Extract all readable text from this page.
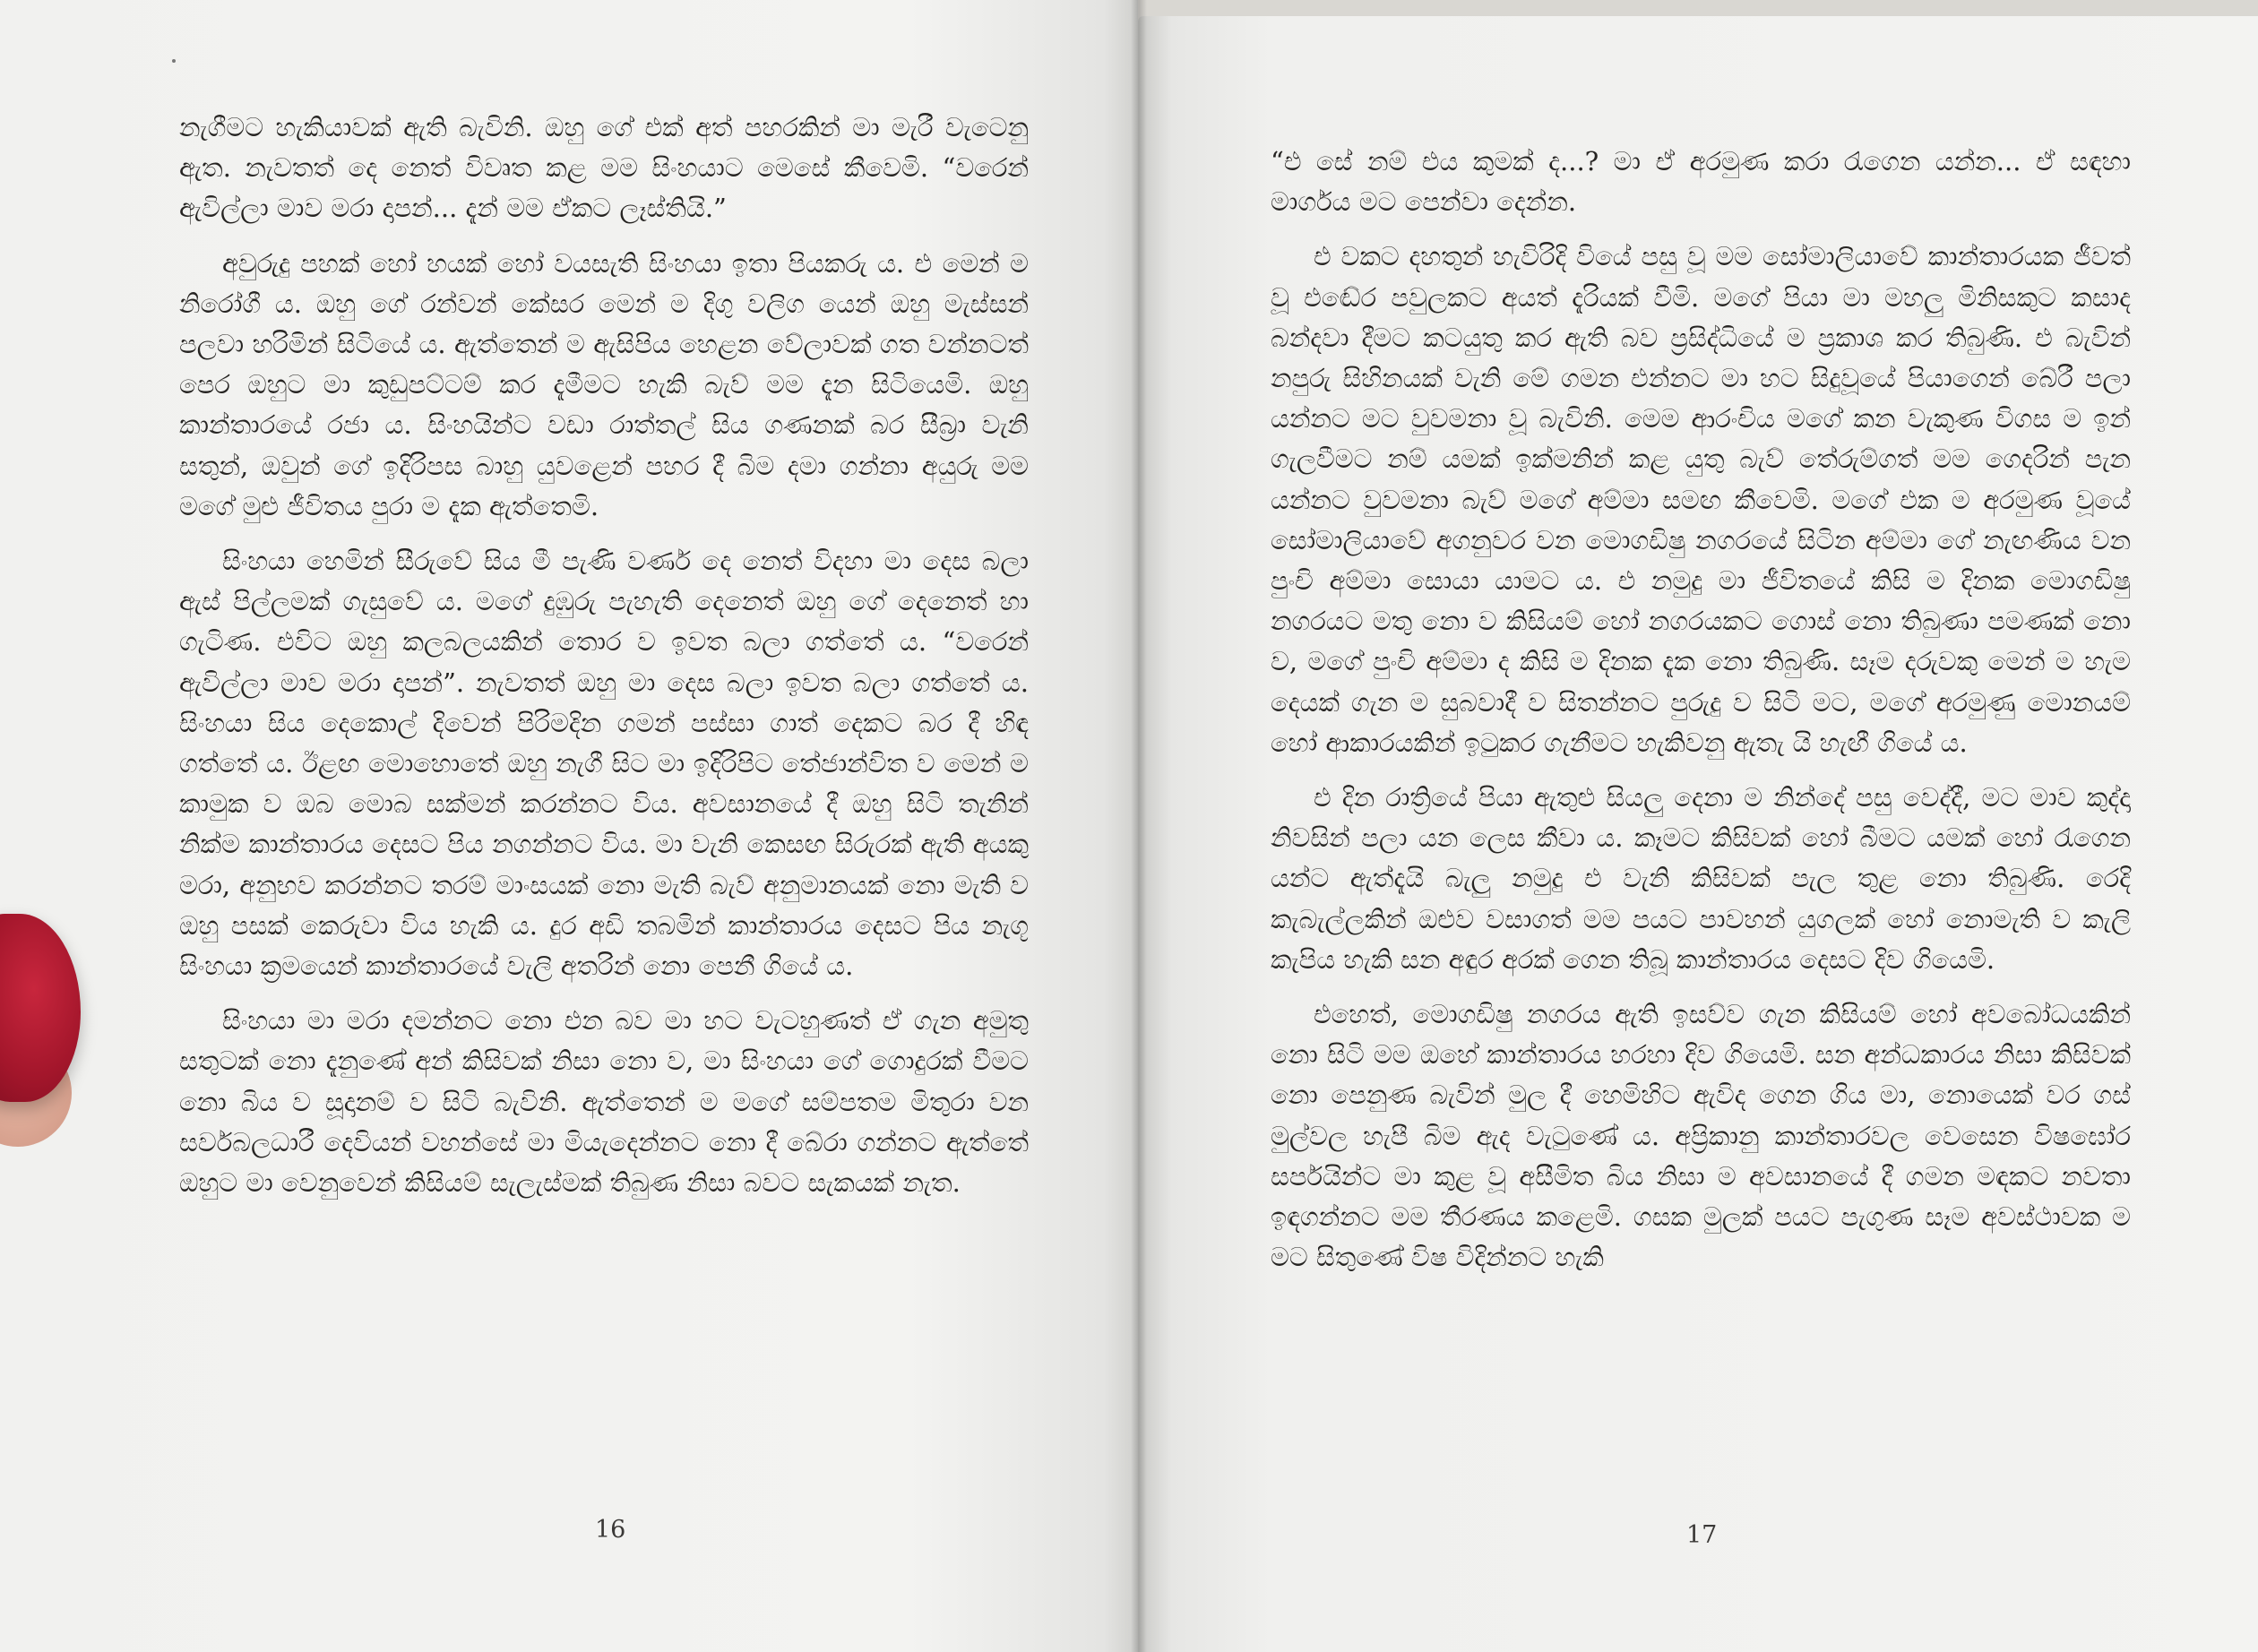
නැගීමට හැකියාවක් ඇති බැවිනි. ඔහු ගේ එක් අත් පහරකින් මා මැරී වැටෙනු ඇත. නැවතත් දෙ නෙත් විවෘත කළ මම සිංහයාට මෙසේ කීවෙමි. “වරෙන් ඇවිල්ලා මාව මරා දාපන්... දැන් මම ඒකට ලෑස්තියි.”

අවුරුදු පහක් හෝ හයක් හෝ වයසැති සිංහයා ඉතා පියකරු ය. එ මෙන් ම නිරෝගී ය. ඔහු ගේ රන්වන් කේසර මෙන් ම දිගු වලිග යෙන් ඔහු මැස්සන් පලවා හරිමින් සිටියේ ය. ඇත්තෙන් ම ඇසිපිය හෙළන වේලාවක් ගත වන්නටත් පෙර ඔහුට මා කුඩුපට්ටම් කර දැමීමට හැකි බැව් මම දැන සිටියෙමි. ඔහු කාන්තාරයේ රජා ය. සිංහයින්ට වඩා රාත්තල් සිය ගණනක් බර සීබ්‍රා වැනි සතුන්, ඔවුන් ගේ ඉදිරිපස බාහු යුවළෙන් පහර දී බිම දමා ගන්නා අයුරු මම මගේ මුළු ජීවිතය පුරා ම දැක ඇත්තෙමි.

සිංහයා හෙමින් සීරුවේ සිය මී පැණි වර්ණ දෙ නෙත් විදහා මා දෙස බලා ඇස් පිල්ලමක් ගැසුවේ ය. මගේ දුඹුරු පැහැති දෙනෙත් ඔහු ගේ දෙනෙත් හා ගැටිණ. එවිට ඔහු කලබලයකින් තොර ව ඉවත බලා ගත්තේ ය. “වරෙන් ඇවිල්ලා මාව මරා දාපන්”. නැවතත් ඔහු මා දෙස බලා ඉවත බලා ගත්තේ ය. සිංහයා සිය දෙකොල් දිවෙන් පිරිමදින ගමන් පස්සා ගාත් දෙකට බර දී හිඳ ගත්තේ ය. ඊළඟ මොහොතේ ඔහු නැගී සිට මා ඉදිරිපිට තේජාන්විත ව මෙන් ම කාමුක ව ඔබ මොබ සක්මන් කරන්නට විය. අවසානයේ දී ඔහු සිටි තැනින් නික්ම කාන්තාරය දෙසට පිය නගන්නට විය. මා වැනි කෙසඟ සිරුරක් ඇති අයකු මරා, අනුභව කරන්නට තරම් මාංසයක් නො මැති බැව් අනුමානයක් නො මැති ව ඔහු පසක් කෙරුවා විය හැකි ය. දුර අඩි තබමින් කාන්තාරය දෙසට පිය නැගූ සිංහයා ක්‍රමයෙන් කාන්තාරයේ වැලි අතරින් නො පෙනී ගියේ ය.

සිංහයා මා මරා දමන්නට නො එන බව මා හට වැටහුණත් ඒ ගැන අමුතු සතුටක් නො දැනුණේ අන් කිසිවක් නිසා නො ව, මා සිංහයා ගේ ගොදුරක් වීමට නො බිය ව සූදානම් ව සිටි බැවිනි. ඇත්තෙන් ම මගේ සම්පතම මිතුරා වන සර්වබලධාරී දෙවියන් වහන්සේ මා මියැදෙන්නට නො දී බේරා ගන්නට ඇත්තේ ඔහුට මා වෙනුවෙන් කිසියම් සැලැස්මක් තිබුණ නිසා බවට සැකයක් නැත.

16

“එ සේ නම් එය කුමක් ද...? මා ඒ අරමුණ කරා රැගෙන යන්න... ඒ සඳහා මාර්ගය මට පෙන්වා දෙන්න.

එ වකට දහතුන් හැවිරිදි වියේ පසු වූ මම සෝමාලියාවේ කාන්තාරයක ජීවත් වූ එඬේර පවුලකට අයත් දැරියක් වීමි. මගේ පියා මා මහලු මිනිසකුට කසාද බන්දවා දීමට කටයුතු කර ඇති බව ප්‍රසිද්ධියේ ම ප්‍රකාශ කර තිබුණි. එ බැවින් නපුරු සිහිනයක් වැනි මේ ගමන එන්නට මා හට සිදුවූයේ පියාගෙන් බේරී පලා යන්නට මට වුවමනා වූ බැවිනි. මෙම ආරංචිය මගේ කන වැකුණ විගස ම ඉන් ගැලවීමට නම් යමක් ඉක්මනින් කළ යුතු බැව් තේරුම්ගත් මම ගෙදරින් පැන යන්නට වුවමනා බැව් මගේ අම්මා සමඟ කීවෙමි. මගේ එක ම අරමුණ වූයේ සෝමාලියාවේ අගනුවර වන මොගඩිෂු නගරයේ සිටින අම්මා ගේ නැඟණිය වන පුංචි අම්මා සොයා යාමට ය. එ නමුදු මා ජීවිතයේ කිසි ම දිනක මොගඩිෂු නගරයට මතු නො ව කිසියම් හෝ නගරයකට ගොස් නො තිබුණා පමණක් නො ව, මගේ පුංචි අම්මා ද කිසි ම දිනක දැක නො තිබුණි. සෑම දරුවකු මෙන් ම හැම දෙයක් ගැන ම සුබවාදී ව සිතන්නට පුරුදු ව සිටි මට, මගේ අරමුණු මොනයම් හෝ ආකාරයකින් ඉටුකර ගැනීමට හැකිවනු ඇතැ යි හැඟී ගියේ ය.

එ දින රාත්‍රියේ පියා ඇතුළු සියලු දෙනා ම නින්දේ පසු වෙද්දී, මට මාව කුද්දා නිවසින් පලා යන ලෙස කීවා ය. කෑමට කිසිවක් හෝ බීමට යමක් හෝ රැගෙන යන්ට ඇත්දැයි බැලු නමුදු එ වැනි කිසිවක් පැල තුළ නො තිබුණි. රෙදි කැබැල්ලකින් ඔළුව වසාගත් මම පයට පාවහන් යුගලක් හෝ නොමැති ව කැලි කැපිය හැකි සන අඳුර අරක් ගෙන තිබූ කාන්තාරය දෙසට දිව ගියෙමි.

එහෙත්, මොගඩිෂු නගරය ඇති ඉසව්ව ගැන කිසියම් හෝ අවබෝධයකින් නො සිටි මම ඔහේ කාන්තාරය හරහා දිව ගියෙමි. සන අන්ධකාරය නිසා කිසිවක් නො පෙනුණ බැවින් මුල දී හෙමිහිට ඇවිද ගෙන ගිය මා, නොයෙක් වර ගස් මුල්වල හැපී බිම ඇද වැටුණේ ය. අප්‍රිකානු කාන්තාරවල වෙසෙන විෂඝෝර සර්පයින්ට මා කුළ වූ අසීමිත බිය නිසා ම අවසානයේ දී ගමන මඳකට නවතා ඉඳගන්නට මම තීරණය කළෙමි. ගසක මුලක් පයට පැගුණ සෑම අවස්ථාවක ම මට සිතුණේ විෂ විදින්නට හැකි

17
